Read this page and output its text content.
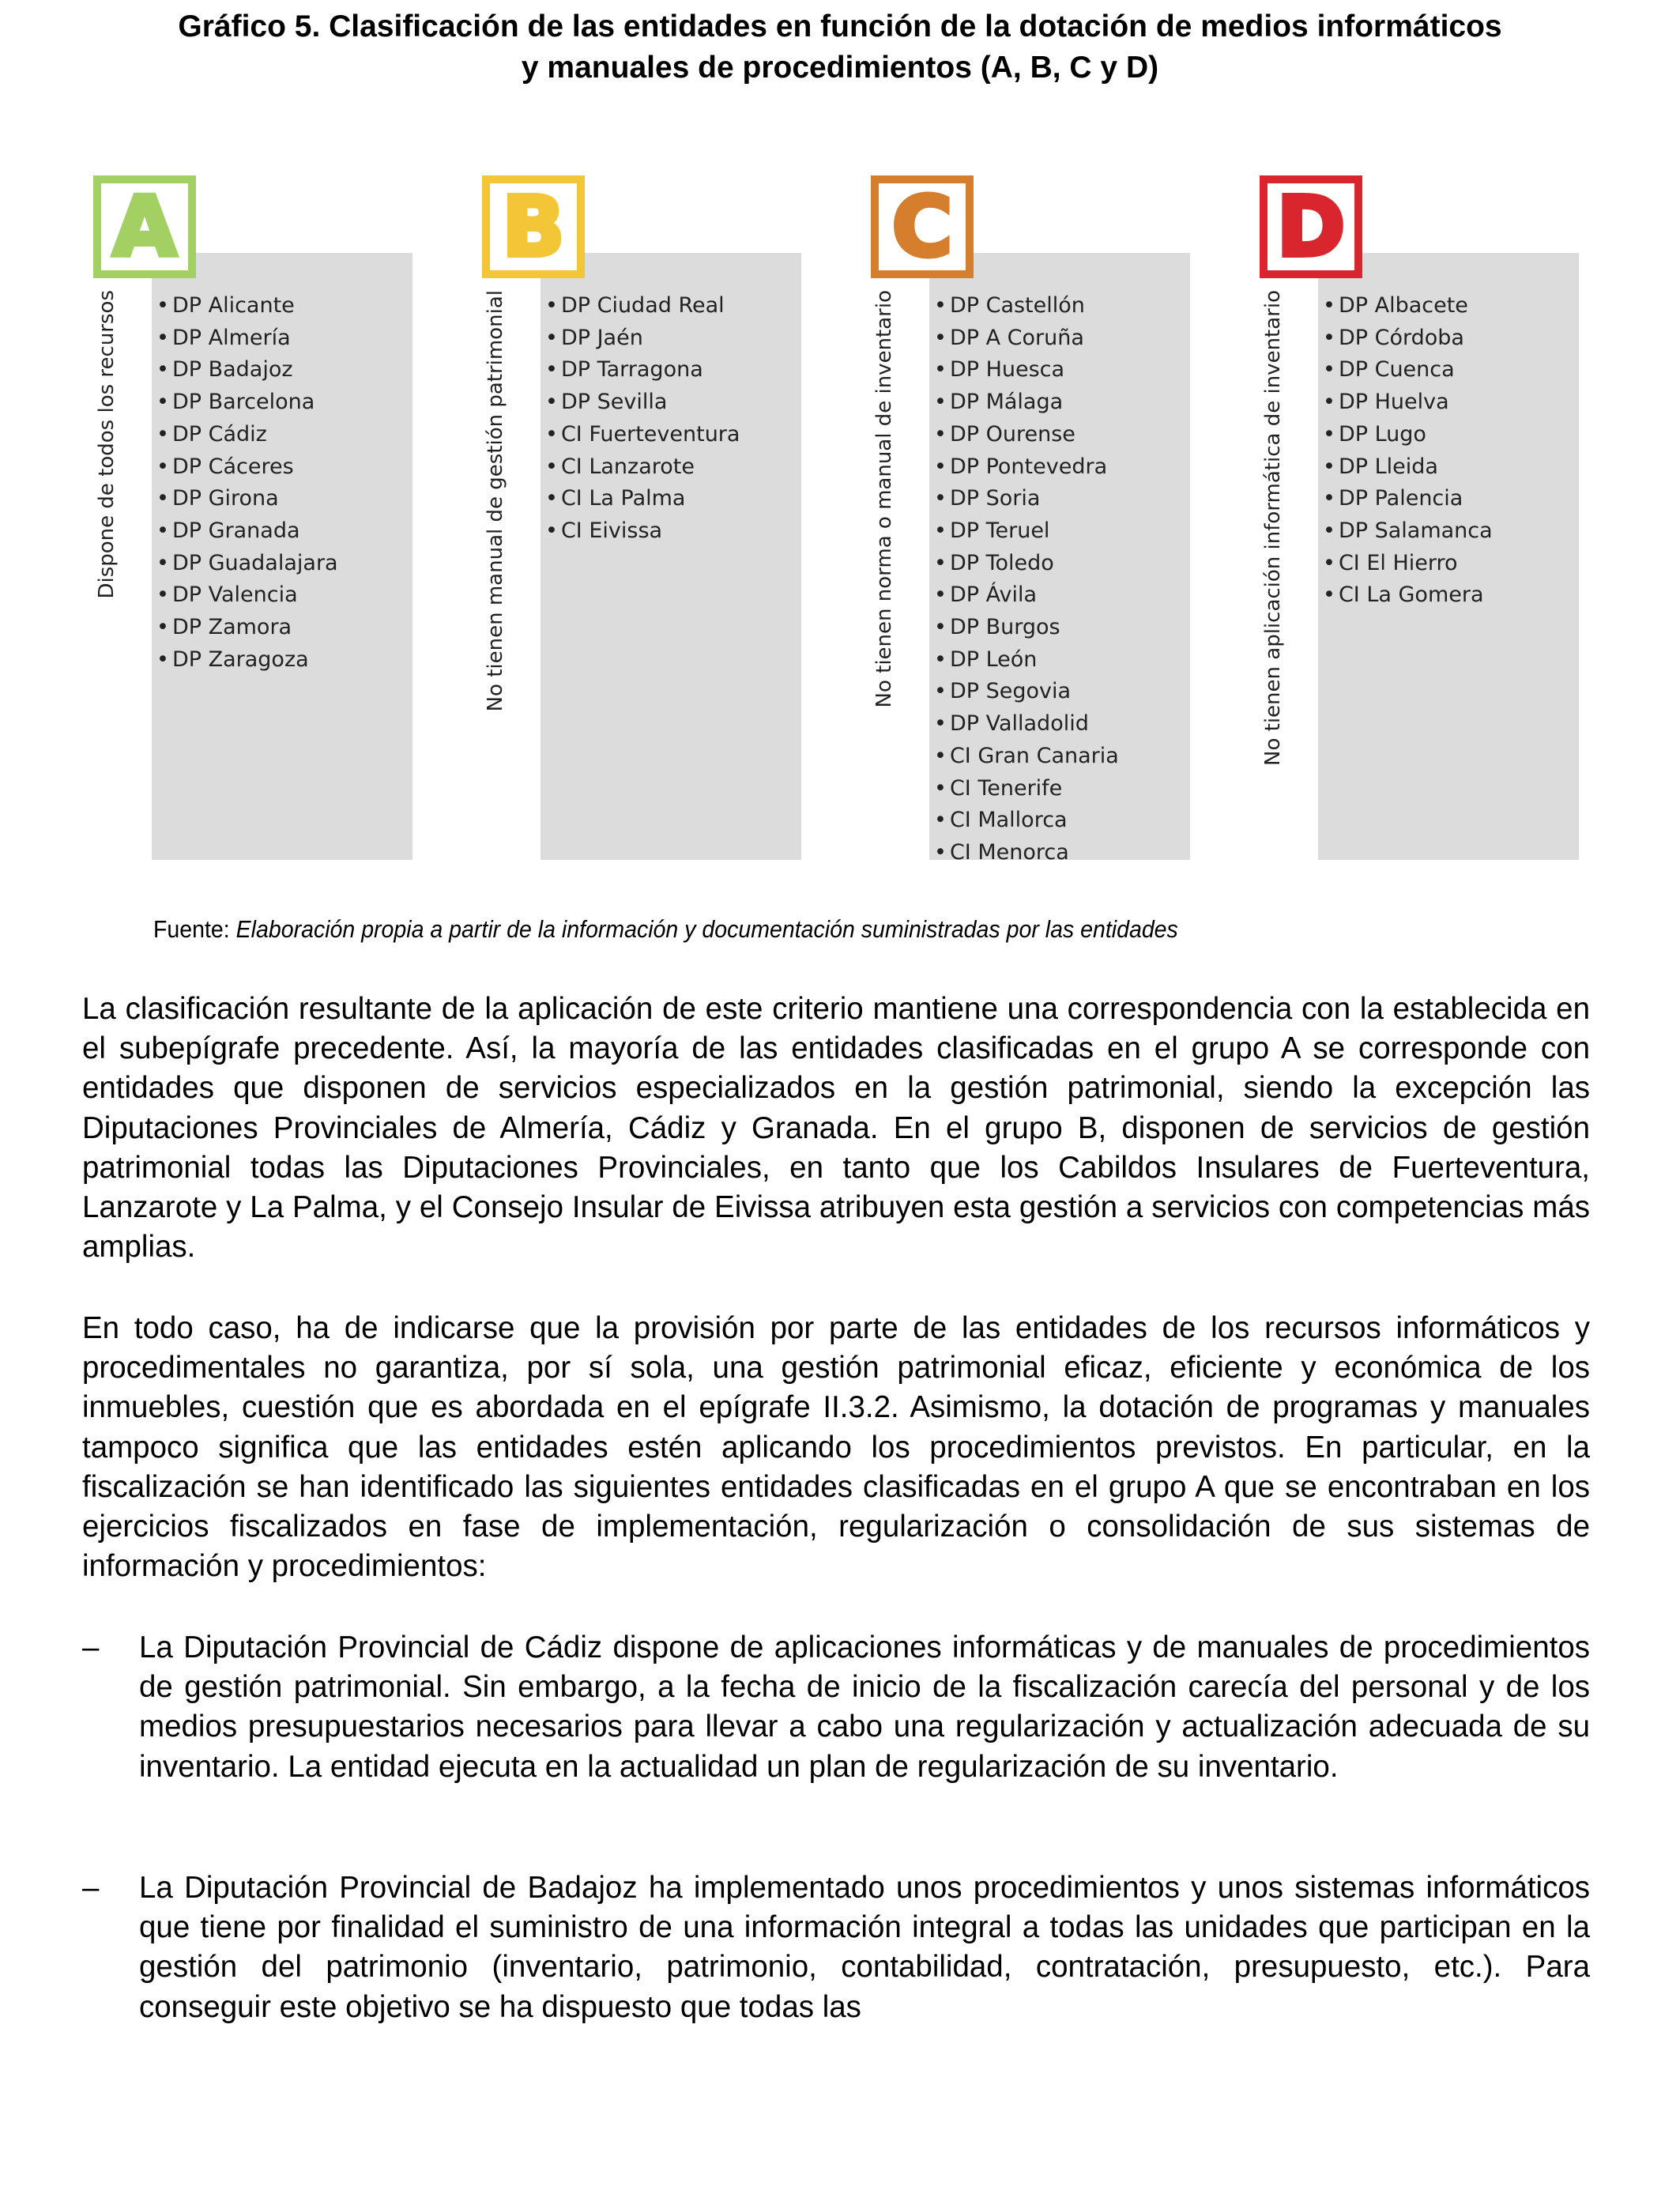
Gráfico 5. Clasificación de las entidades en función de la dotación de medios informáticos
y manuales de procedimientos (A, B, C y D)
A
Dispone de todos los recursos	• DP Alicante
• DP Almería
• DP Badajoz
• DP Barcelona
• DP Cádiz
• DP Cáceres
• DP Girona
• DP Granada
• DP Guadalajara
• DP Valencia
• DP Zamora
• DP Zaragoza
B
No tienen manual de gestión patrimonial	• DP Ciudad Real
• DP Jaén
• DP Tarragona
• DP Sevilla
• CI Fuerteventura
• CI Lanzarote
• CI La Palma
• CI Eivissa
C
No tienen norma o manual de inventario	• DP Castellón
• DP A Coruña
• DP Huesca
• DP Málaga
• DP Ourense
• DP Pontevedra
• DP Soria
• DP Teruel
• DP Toledo
• DP Ávila
• DP Burgos
• DP León
• DP Segovia
• DP Valladolid
• CI Gran Canaria
• CI Tenerife
• CI Mallorca
• CI Menorca
D
No tienen aplicación informática de inventario	• DP Albacete
• DP Córdoba
• DP Cuenca
• DP Huelva
• DP Lugo
• DP Lleida
• DP Palencia
• DP Salamanca
• CI El Hierro
• CI La Gomera
Fuente: Elaboración propia a partir de la información y documentación suministradas por las entidades
La clasificación resultante de la aplicación de este criterio mantiene una correspondencia con la establecida en el subepígrafe precedente. Así, la mayoría de las entidades clasificadas en el grupo A se corresponde con entidades que disponen de servicios especializados en la gestión patrimonial, siendo la excepción las Diputaciones Provinciales de Almería, Cádiz y Granada. En el grupo B, disponen de servicios de gestión patrimonial todas las Diputaciones Provinciales, en tanto que los Cabildos Insulares de Fuerteventura, Lanzarote y La Palma, y el Consejo Insular de Eivissa atribuyen esta gestión a servicios con competencias más amplias.
En todo caso, ha de indicarse que la provisión por parte de las entidades de los recursos informáticos y procedimentales no garantiza, por sí sola, una gestión patrimonial eficaz, eficiente y económica de los inmuebles, cuestión que es abordada en el epígrafe II.3.2. Asimismo, la dotación de programas y manuales tampoco significa que las entidades estén aplicando los procedimientos previstos. En particular, en la fiscalización se han identificado las siguientes entidades clasificadas en el grupo A que se encontraban en los ejercicios fiscalizados en fase de implementación, regularización o consolidación de sus sistemas de información y procedimientos:
–	La Diputación Provincial de Cádiz dispone de aplicaciones informáticas y de manuales de procedimientos de gestión patrimonial. Sin embargo, a la fecha de inicio de la fiscalización carecía del personal y de los medios presupuestarios necesarios para llevar a cabo una regularización y actualización adecuada de su inventario. La entidad ejecuta en la actualidad un plan de regularización de su inventario.
–	La Diputación Provincial de Badajoz ha implementado unos procedimientos y unos sistemas informáticos que tiene por finalidad el suministro de una información integral a todas las unidades que participan en la gestión del patrimonio (inventario, patrimonio, contabilidad, contratación, presupuesto, etc.). Para conseguir este objetivo se ha dispuesto que todas las
